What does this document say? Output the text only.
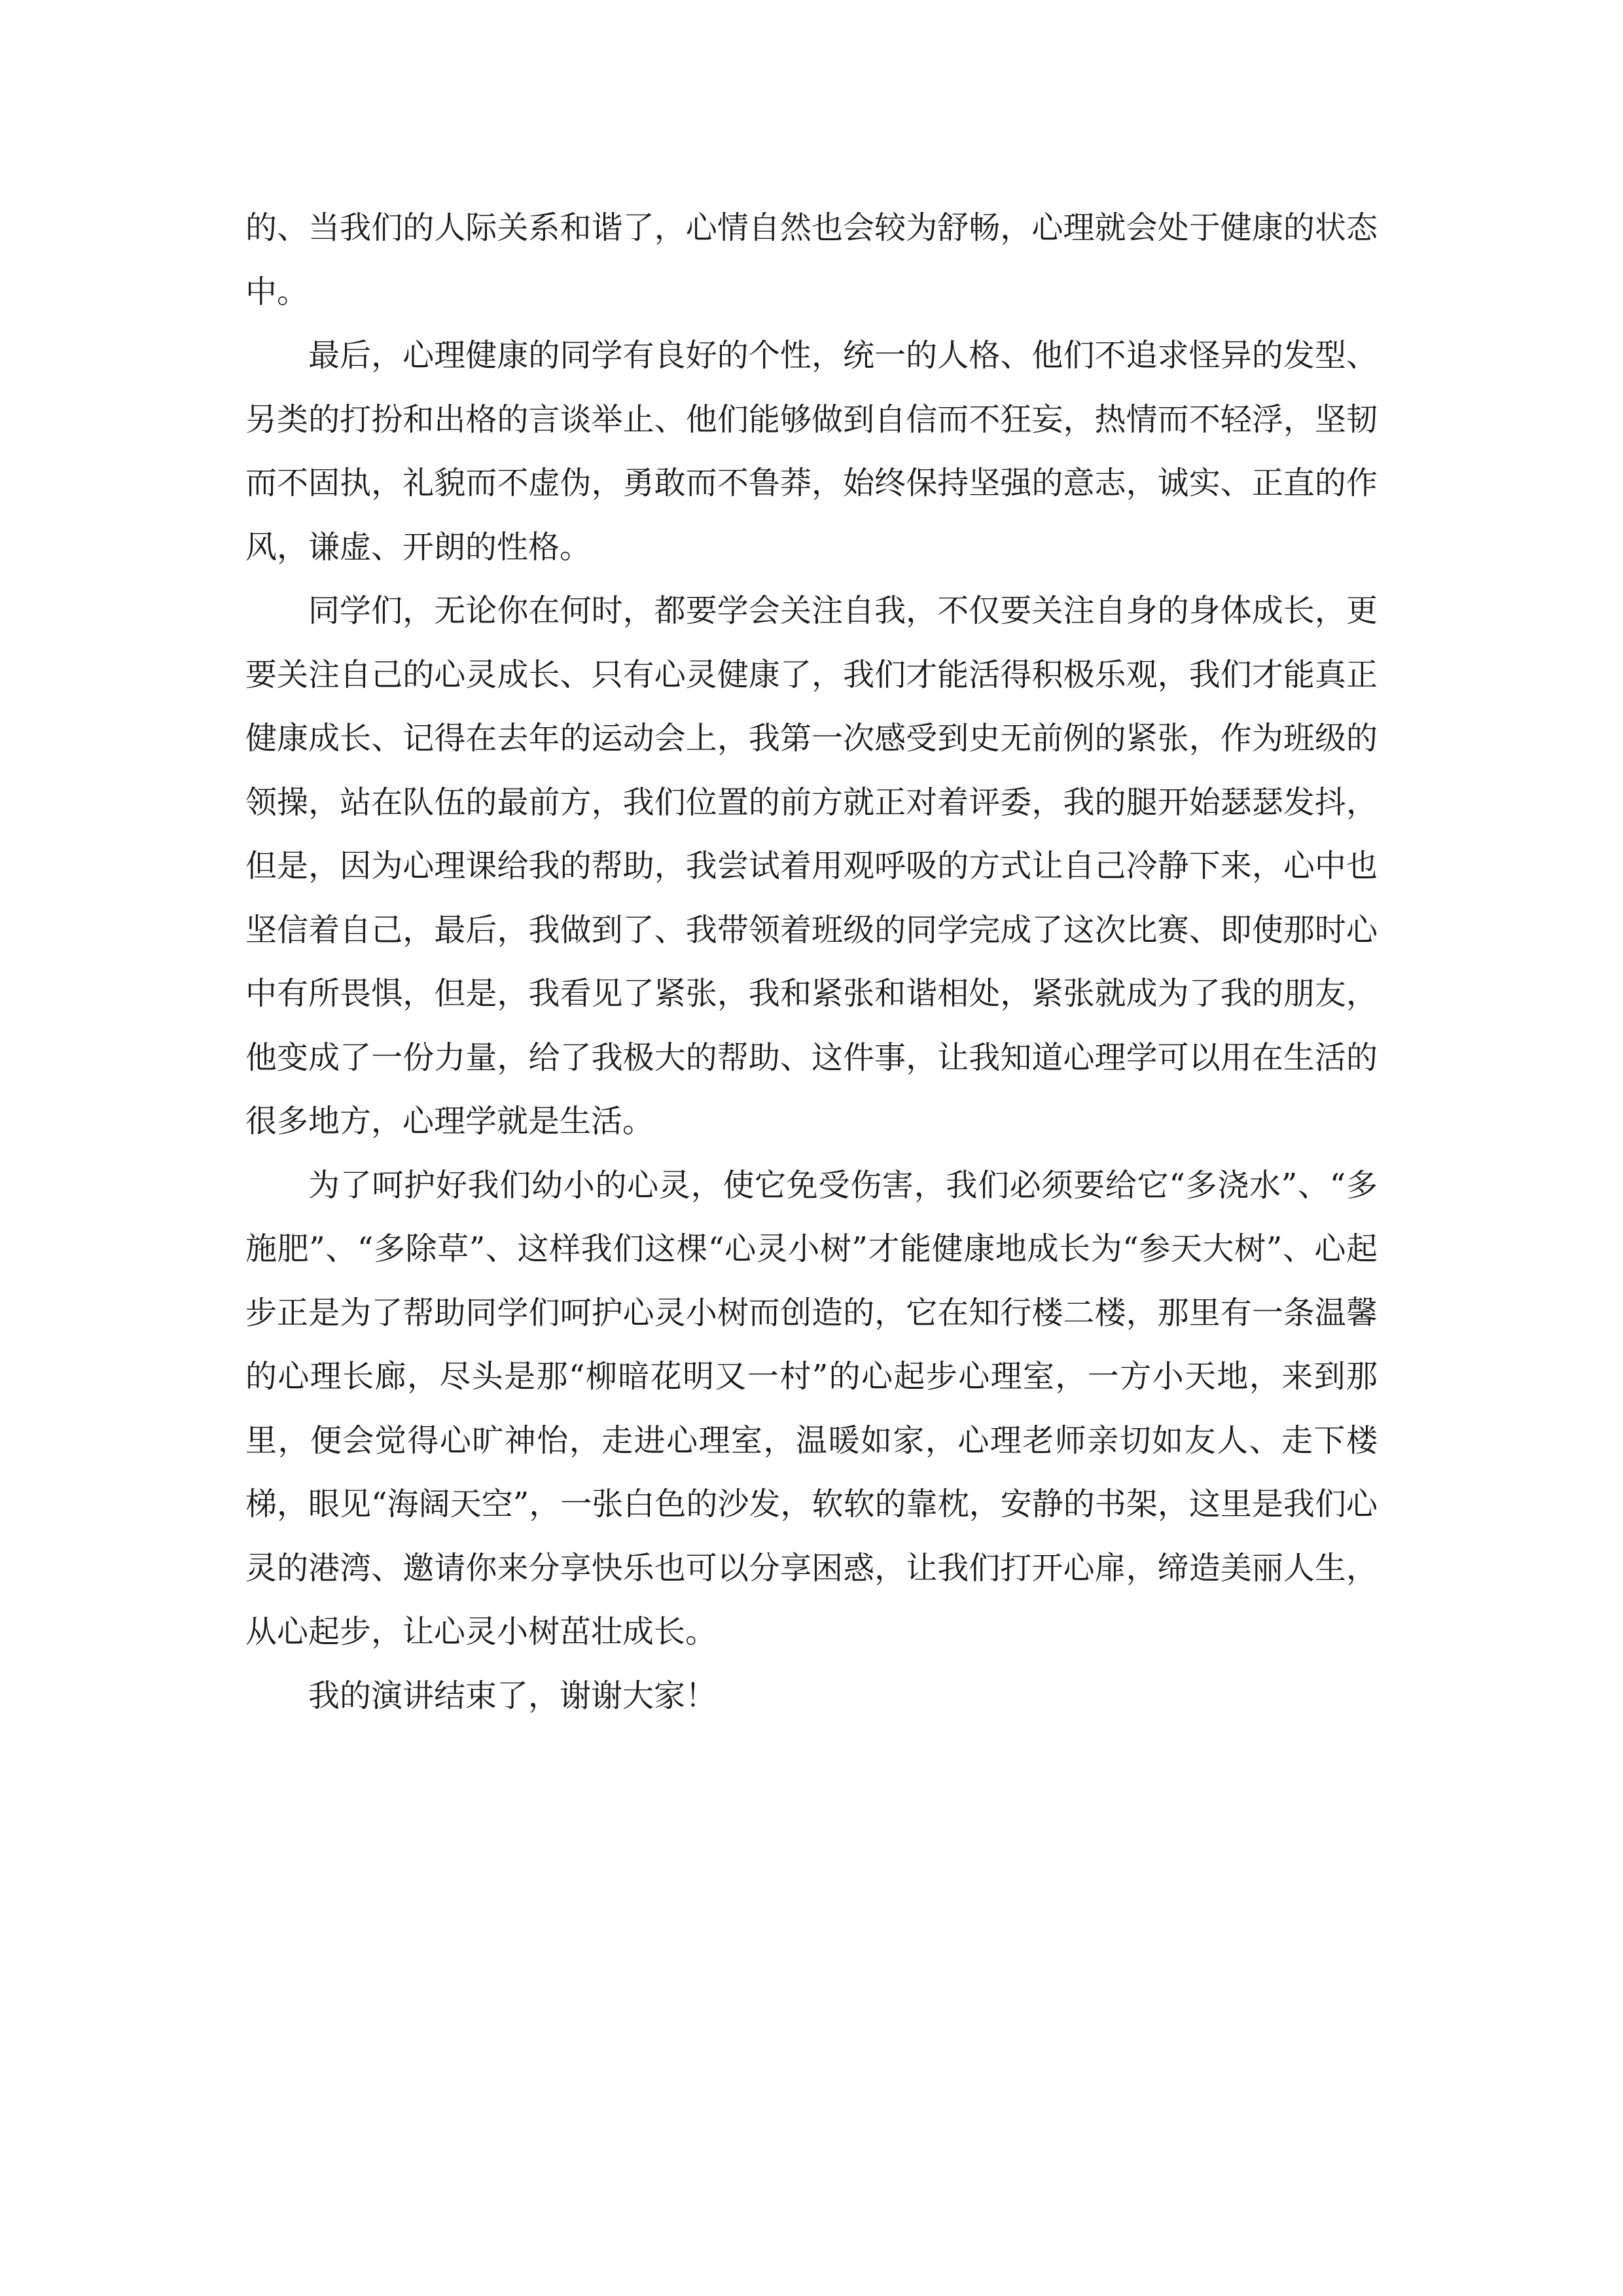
的、当我们的人际关系和谐了，心情自然也会较为舒畅，心理就会处于健康的状态中。

最后，心理健康的同学有良好的个性，统一的人格、他们不追求怪异的发型、另类的打扮和出格的言谈举止、他们能够做到自信而不狂妄，热情而不轻浮，坚韧而不固执，礼貌而不虚伪，勇敢而不鲁莽，始终保持坚强的意志，诚实、正直的作风，谦虚、开朗的性格。

同学们，无论你在何时，都要学会关注自我，不仅要关注自身的身体成长，更要关注自己的心灵成长、只有心灵健康了，我们才能活得积极乐观，我们才能真正健康成长、记得在去年的运动会上，我第一次感受到史无前例的紧张，作为班级的领操，站在队伍的最前方，我们位置的前方就正对着评委，我的腿开始瑟瑟发抖，但是，因为心理课给我的帮助，我尝试着用观呼吸的方式让自己冷静下来，心中也坚信着自己，最后，我做到了、我带领着班级的同学完成了这次比赛、即使那时心中有所畏惧，但是，我看见了紧张，我和紧张和谐相处，紧张就成为了我的朋友，他变成了一份力量，给了我极大的帮助、这件事，让我知道心理学可以用在生活的很多地方，心理学就是生活。

为了呵护好我们幼小的心灵，使它免受伤害，我们必须要给它“多浇水”、“多施肥”、“多除草”、这样我们这棵“心灵小树”才能健康地成长为“参天大树”、心起步正是为了帮助同学们呵护心灵小树而创造的，它在知行楼二楼，那里有一条温馨的心理长廊，尽头是那“柳暗花明又一村”的心起步心理室，一方小天地，来到那里，便会觉得心旷神怡，走进心理室，温暖如家，心理老师亲切如友人、走下楼梯，眼见“海阔天空”，一张白色的沙发，软软的靠枕，安静的书架，这里是我们心灵的港湾、邀请你来分享快乐也可以分享困惑，让我们打开心扉，缔造美丽人生，从心起步，让心灵小树茁壮成长。

我的演讲结束了，谢谢大家！
